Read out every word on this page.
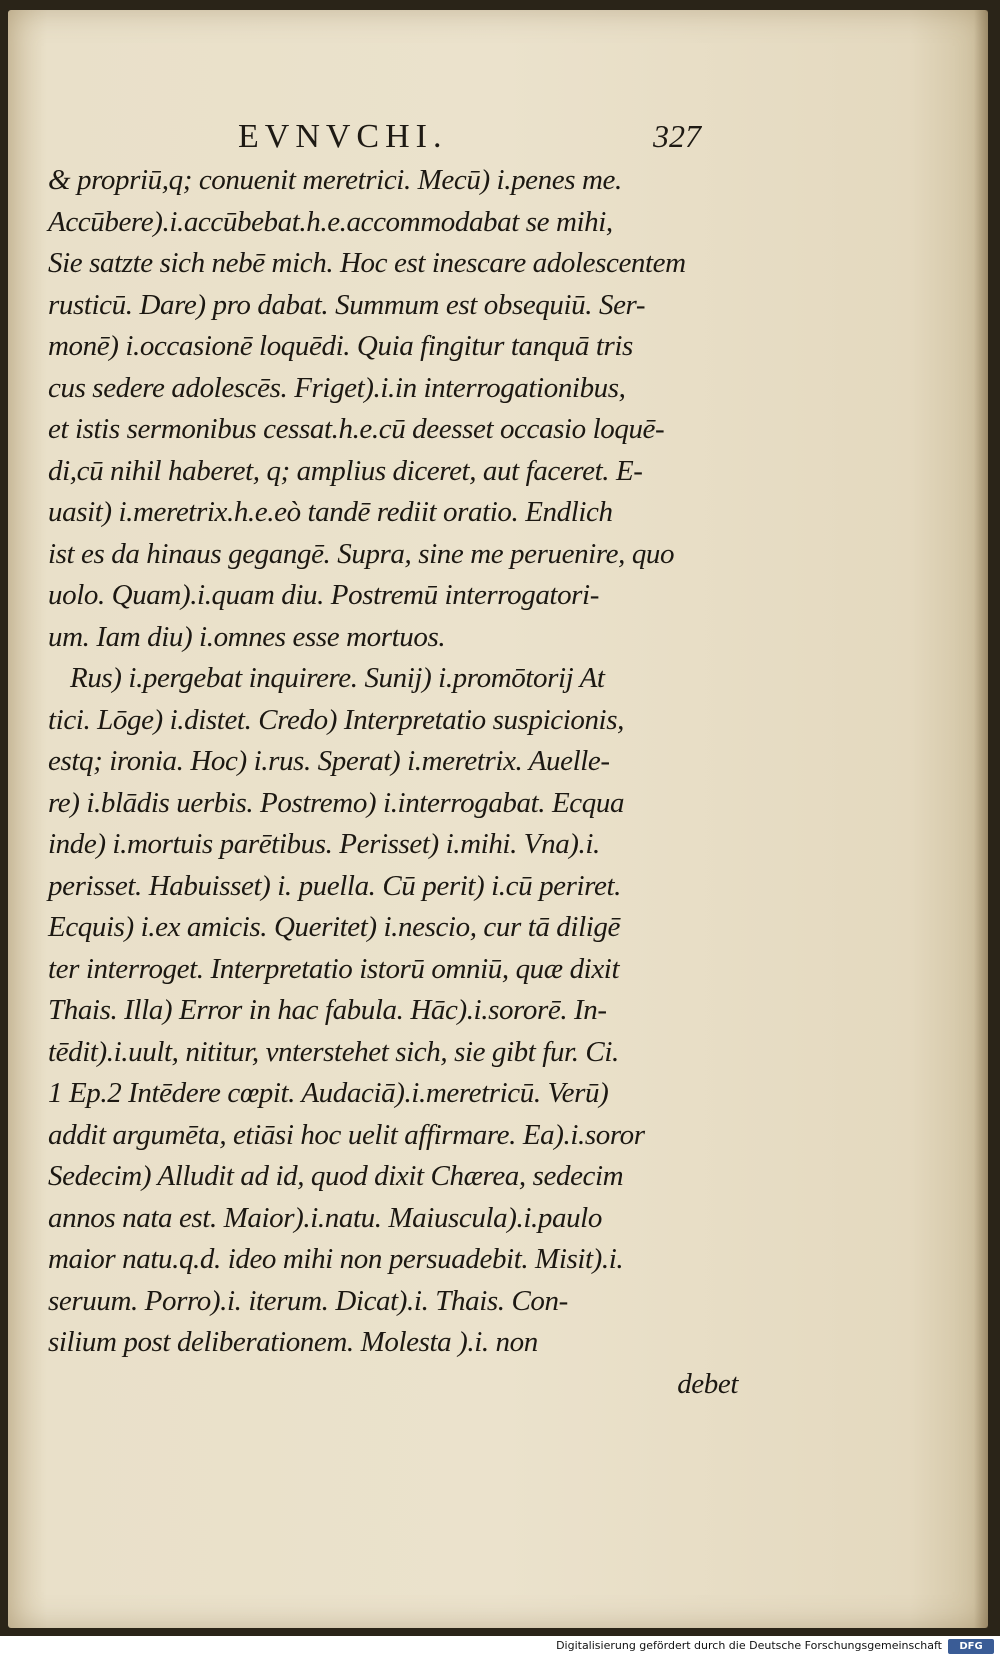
EVNVCHI.	327
& propriū,q; conuenit meretrici. Mecū) i.penes me.
Accūbere).i.accūbebat.h.e.accommodabat se mihi,
Sie satzte sich nebē mich. Hoc est inescare adolescentem
rusticū. Dare) pro dabat. Summum est obsequiū. Ser-
monē) i.occasionē loquēdi. Quia fingitur tanquā tris
cus sedere adolescēs. Friget).i.in interrogationibus,
et istis sermonibus cessat.h.e.cū deesset occasio loquē-
di,cū nihil haberet, q; amplius diceret, aut faceret. E-
uasit) i.meretrix.h.e.eò tandē rediit oratio. Endlich
ist es da hinaus gegangē. Supra, sine me peruenire, quo
uolo. Quam).i.quam diu. Postremū interrogatori-
um. Iam diu) i.omnes esse mortuos.
Rus) i.pergebat inquirere. Sunij) i.promōtorij At
tici. Lōge) i.distet. Credo) Interpretatio suspicionis,
estq; ironia. Hoc) i.rus. Sperat) i.meretrix. Auelle-
re) i.blādis uerbis. Postremo) i.interrogabat. Ecqua
inde) i.mortuis parētibus. Perisset) i.mihi. Vna).i.
perisset. Habuisset) i. puella. Cū perit) i.cū periret.
Ecquis) i.ex amicis. Queritet) i.nescio, cur tā diligē
ter interroget. Interpretatio istorū omniū, quæ dixit
Thais. Illa) Error in hac fabula. Hāc).i.sororē. In-
tēdit).i.uult, nititur, vnterstehet sich, sie gibt fur. Ci.
1 Ep.2 Intēdere cœpit. Audaciā).i.meretricū. Verū)
addit argumēta, etiāsi hoc uelit affirmare. Ea).i.soror
Sedecim) Alludit ad id, quod dixit Chærea, sedecim
annos nata est. Maior).i.natu. Maiuscula).i.paulo
maior natu.q.d. ideo mihi non persuadebit. Misit).i.
seruum. Porro).i. iterum. Dicat).i. Thais. Con-
silium post deliberationem. Molesta ).i. non
debet
Digitalisierung gefördert durch die Deutsche Forschungsgemeinschaft	DFG
